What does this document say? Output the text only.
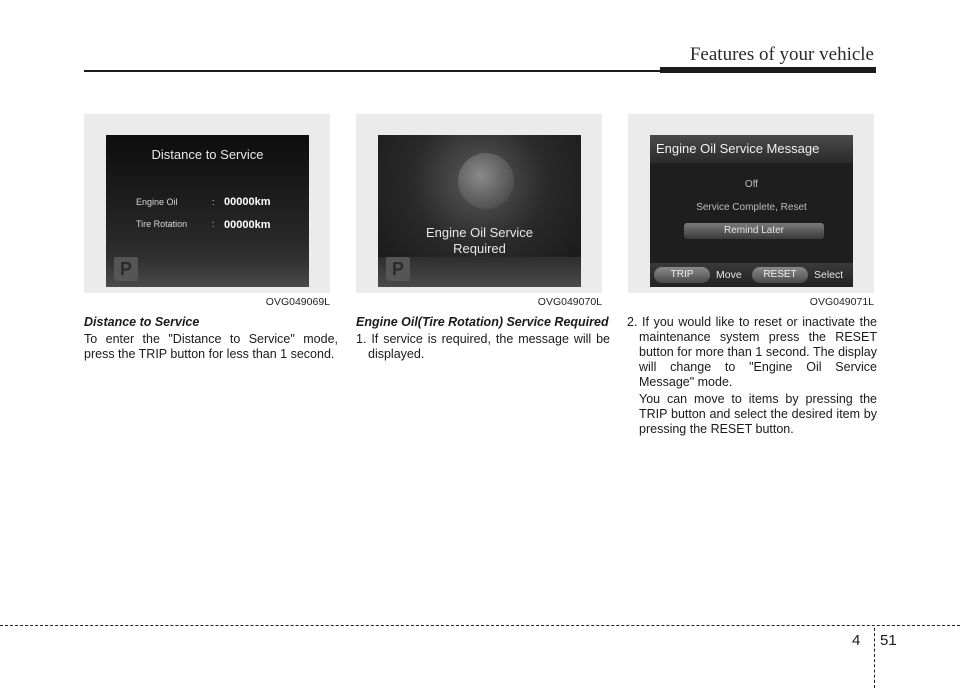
Features of your vehicle
Distance to Service
Engine Oil	: 00000km
Tire Rotation	: 00000km
P
OVG049069L
Engine Oil Service
Required
P
OVG049070L
Engine Oil Service Message
Off
Service Complete, Reset
Remind Later
TRIP	Move	RESET	Select
OVG049071L

Distance to Service

To enter the "Distance to Service" mode, press the TRIP button for less than 1 second.

Engine Oil(Tire Rotation) Service Required

1. If service is required, the message will be displayed.

2. If you would like to reset or inactivate the maintenance system press the RESET button for more than 1 second. The display will change to "Engine Oil Service Message" mode.

You can move to items by pressing the TRIP button and select the desired item by pressing the RESET button.

4 51
